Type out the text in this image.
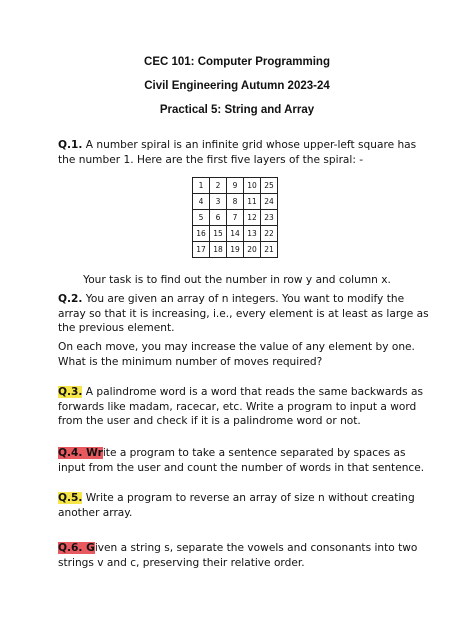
CEC 101: Computer Programming
Civil Engineering Autumn 2023-24
Practical 5: String and Array
Q.1. A number spiral is an infinite grid whose upper-left square has the number 1. Here are the first five layers of the spiral: -
1	2	9	10	25
4	3	8	11	24
5	6	7	12	23
16	15	14	13	22
17	18	19	20	21
Your task is to find out the number in row y and column x.
Q.2. You are given an array of n integers. You want to modify the array so that it is increasing, i.e., every element is at least as large as the previous element.
On each move, you may increase the value of any element by one. What is the minimum number of moves required?
Q.3. A palindrome word is a word that reads the same backwards as forwards like madam, racecar, etc. Write a program to input a word from the user and check if it is a palindrome word or not.
Q.4. Write a program to take a sentence separated by spaces as input from the user and count the number of words in that sentence.
Q.5. Write a program to reverse an array of size n without creating another array.
Q.6. Given a string s, separate the vowels and consonants into two strings v and c, preserving their relative order.
